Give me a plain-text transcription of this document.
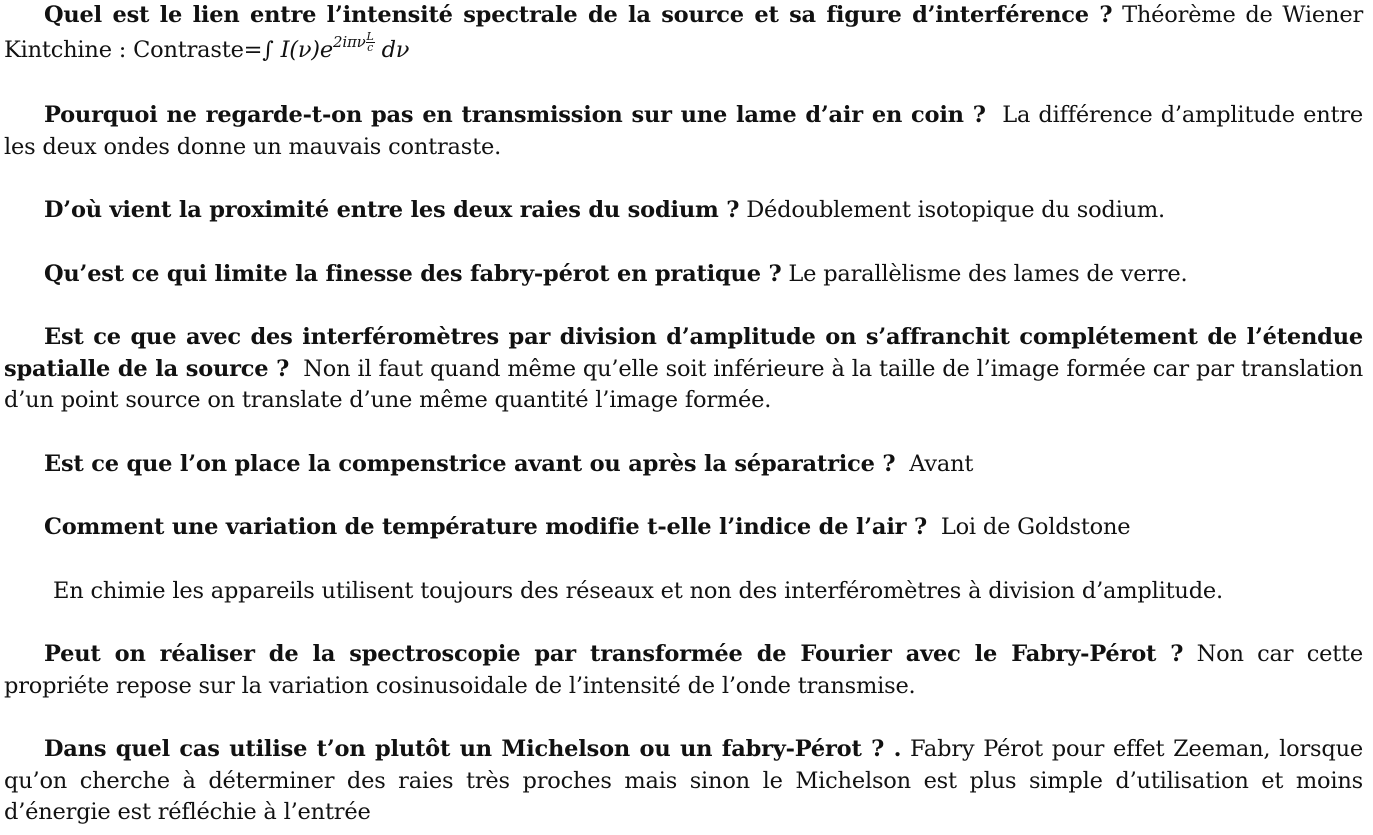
Quel est le lien entre l’intensité spectrale de la source et sa figure d’interférence ? Théorème de Wiener Kintchine : Contraste=∫ $I(\nu)e^{2i\pi\nu} \frac{L}{c}$ dν

Pourquoi ne regarde-t-on pas en transmission sur une lame d’air en coin ? La différence d’amplitude entre les deux ondes donne un mauvais contraste.

D’où vient la proximité entre les deux raies du sodium ? Dédoublement isotopique du sodium.

Qu’est ce qui limite la finesse des fabry-pérot en pratique ? Le parallèlisme des lames de verre.

Est ce que avec des interféromètres par division d’amplitude on s’affranchit complétement de l’étendue spatialle de la source ? Non il faut quand même qu’elle soit inférieure à la taille de l’image formée car par translation d’un point source on translate d’une même quantité l’image formée.

Est ce que l’on place la compenstrice avant ou après la séparatrice ? Avant

Comment une variation de température modifie t-elle l’indice de l’air ? Loi de Goldstone

En chimie les appareils utilisent toujours des réseaux et non des interféromètres à division d’amplitude.

Peut on réaliser de la spectroscopie par transformée de Fourier avec le Fabry-Pérot ? Non car cette propriéte repose sur la variation cosinusoidale de l’intensité de l’onde transmise.

Dans quel cas utilise t’on plutôt un Michelson ou un fabry-Pérot ? . Fabry Pérot pour effet Zeeman, lorsque qu’on cherche à déterminer des raies très proches mais sinon le Michelson est plus simple d’utilisation et moins d’énergie est réfléchie à l’entrée
